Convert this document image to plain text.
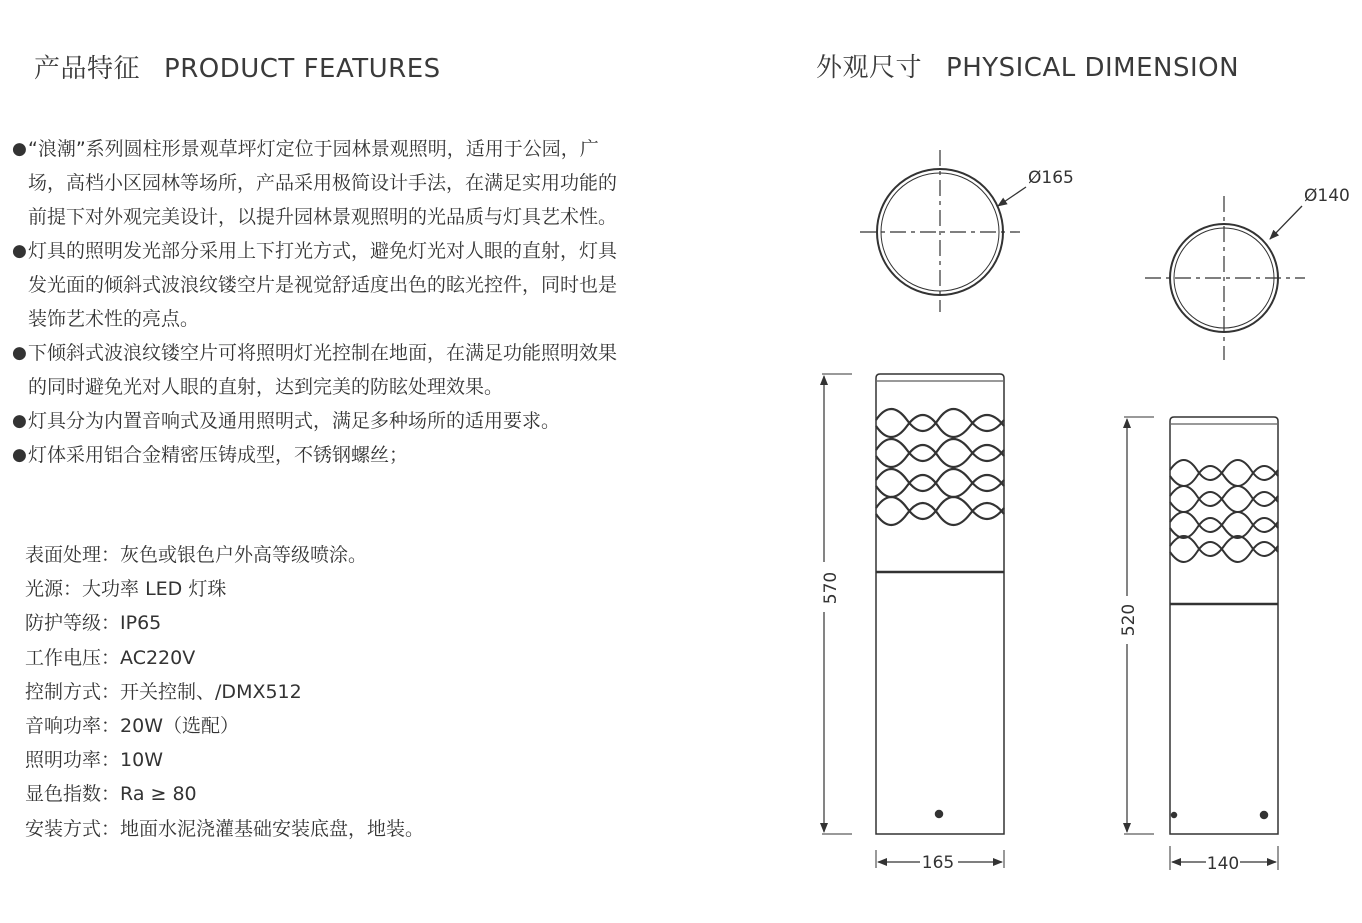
产品特征 PRODUCT FEATURES
● “浪潮”系列圆柱形景观草坪灯定位于园林景观照明，适用于公园，广场，高档小区园林等场所，产品采用极简设计手法，在满足实用功能的前提下对外观完美设计，以提升园林景观照明的光品质与灯具艺术性。
● 灯具的照明发光部分采用上下打光方式，避免灯光对人眼的直射，灯具发光面的倾斜式波浪纹镂空片是视觉舒适度出色的眩光控件，同时也是装饰艺术性的亮点。
● 下倾斜式波浪纹镂空片可将照明灯光控制在地面，在满足功能照明效果的同时避免光对人眼的直射，达到完美的防眩处理效果。
● 灯具分为内置音响式及通用照明式，满足多种场所的适用要求。
● 灯体采用铝合金精密压铸成型，不锈钢螺丝；
表面处理：灰色或银色户外高等级喷涂。
光源：大功率 LED 灯珠
防护等级：IP65
工作电压：AC220V
控制方式：开关控制、/DMX512
音响功率：20W（选配）
照明功率：10W
显色指数：Ra ≥ 80
安装方式：地面水泥浇灌基础安装底盘，地装。
外观尺寸 PHYSICAL DIMENSION
Ø165
Ø140
570
165
520
140
